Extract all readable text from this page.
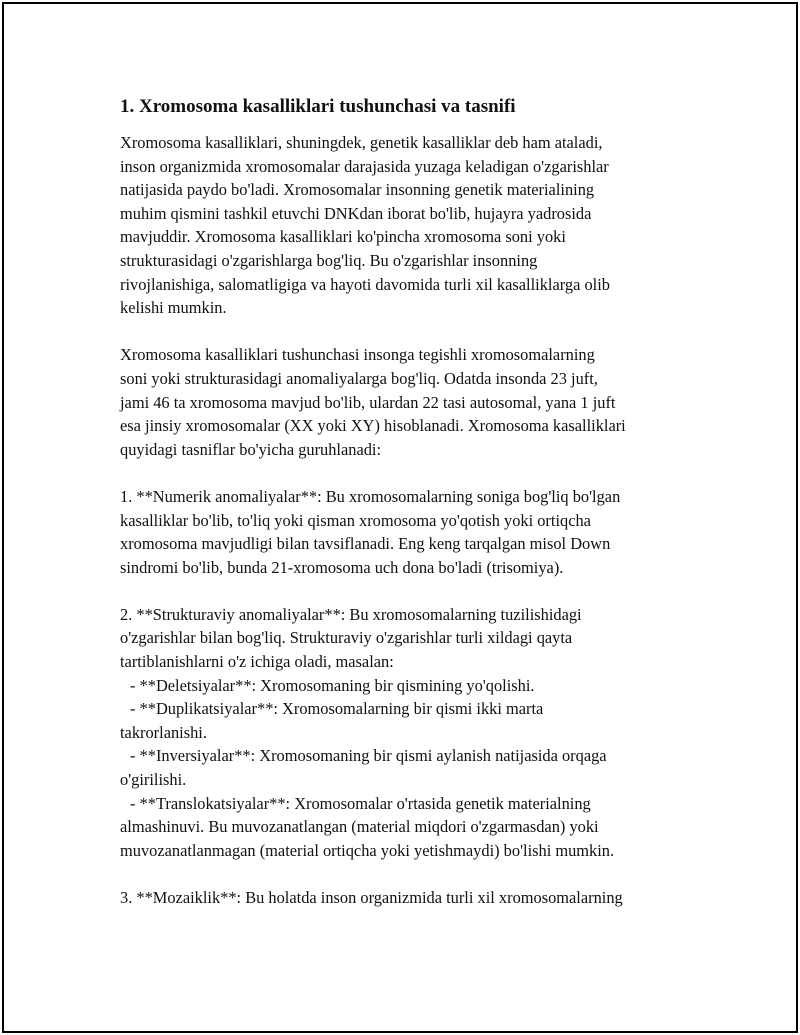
1. Xromosoma kasalliklari tushunchasi va tasnifi
Xromosoma kasalliklari, shuningdek, genetik kasalliklar deb ham ataladi,
inson organizmida xromosomalar darajasida yuzaga keladigan o'zgarishlar
natijasida paydo bo'ladi. Xromosomalar insonning genetik materialining
muhim qismini tashkil etuvchi DNKdan iborat bo'lib, hujayra yadrosida
mavjuddir. Xromosoma kasalliklari ko'pincha xromosoma soni yoki
strukturasidagi o'zgarishlarga bog'liq. Bu o'zgarishlar insonning
rivojlanishiga, salomatligiga va hayoti davomida turli xil kasalliklarga olib
kelishi mumkin.
Xromosoma kasalliklari tushunchasi insonga tegishli xromosomalarning
soni yoki strukturasidagi anomaliyalarga bog'liq. Odatda insonda 23 juft,
jami 46 ta xromosoma mavjud bo'lib, ulardan 22 tasi autosomal, yana 1 juft
esa jinsiy xromosomalar (XX yoki XY) hisoblanadi. Xromosoma kasalliklari
quyidagi tasniflar bo'yicha guruhlanadi:
1. **Numerik anomaliyalar**: Bu xromosomalarning soniga bog'liq bo'lgan
kasalliklar bo'lib, to'liq yoki qisman xromosoma yo'qotish yoki ortiqcha
xromosoma mavjudligi bilan tavsiflanadi. Eng keng tarqalgan misol Down
sindromi bo'lib, bunda 21-xromosoma uch dona bo'ladi (trisomiya).
2. **Strukturaviy anomaliyalar**: Bu xromosomalarning tuzilishidagi
o'zgarishlar bilan bog'liq. Strukturaviy o'zgarishlar turli xildagi qayta
tartiblanishlarni o'z ichiga oladi, masalan:
- **Deletsiyalar**: Xromosomaning bir qismining yo'qolishi.
- **Duplikatsiyalar**: Xromosomalarning bir qismi ikki marta
takrorlanishi.
- **Inversiyalar**: Xromosomaning bir qismi aylanish natijasida orqaga
o'girilishi.
- **Translokatsiyalar**: Xromosomalar o'rtasida genetik materialning
almashinuvi. Bu muvozanatlangan (material miqdori o'zgarmasdan) yoki
muvozanatlanmagan (material ortiqcha yoki yetishmaydi) bo'lishi mumkin.
3. **Mozaiklik**: Bu holatda inson organizmida turli xil xromosomalarning
